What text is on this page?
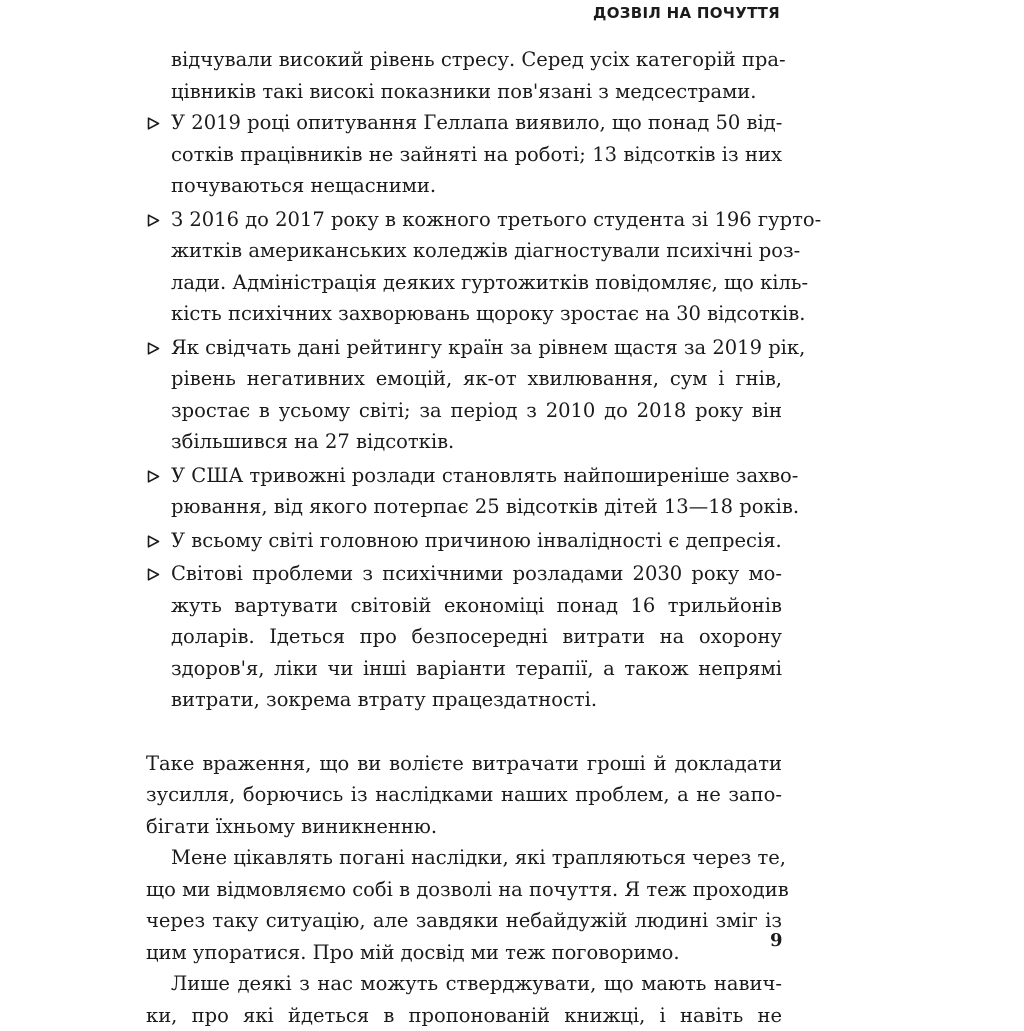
ДОЗВІЛ НА ПОЧУТТЯ
відчували високий рівень стресу. Серед усіх категорій пра-
цівників такі високі показники пов'язані з медсестрами.
У 2019 році опитування Геллапа виявило, що понад 50 від-
сотків працівників не зайняті на роботі; 13 відсотків із них
почуваються нещасними.
З 2016 до 2017 року в кожного третього студента зі 196 гурто-
житків американських коледжів діагностували психічні роз-
лади. Адміністрація деяких гуртожитків повідомляє, що кіль-
кість психічних захворювань щороку зростає на 30 відсотків.
Як свідчать дані рейтингу країн за рівнем щастя за 2019 рік,
рівень негативних емоцій, як-от хвилювання, сум і гнів,
зростає в усьому світі; за період з 2010 до 2018 року він
збільшився на 27 відсотків.
У США тривожні розлади становлять найпоширеніше захво-
рювання, від якого потерпає 25 відсотків дітей 13—18 років.
У всьому світі головною причиною інвалідності є депресія.
Світові проблеми з психічними розладами 2030 року мо-
жуть вартувати світовій економіці понад 16 трильйонів
доларів. Ідеться про безпосередні витрати на охорону
здоров'я, ліки чи інші варіанти терапії, а також непрямі
витрати, зокрема втрату працездатності.
Таке враження, що ви волієте витрачати гроші й докладати
зусилля, борючись із наслідками наших проблем, а не запо-
бігати їхньому виникненню.
Мене цікавлять погані наслідки, які трапляються через те,
що ми відмовляємо собі в дозволі на почуття. Я теж проходив
через таку ситуацію, але завдяки небайдужій людині зміг із
цим упоратися. Про мій досвід ми теж поговоримо.
Лише деякі з нас можуть стверджувати, що мають навич-
ки, про які йдеться в пропонованій книжці, і навіть не
9
